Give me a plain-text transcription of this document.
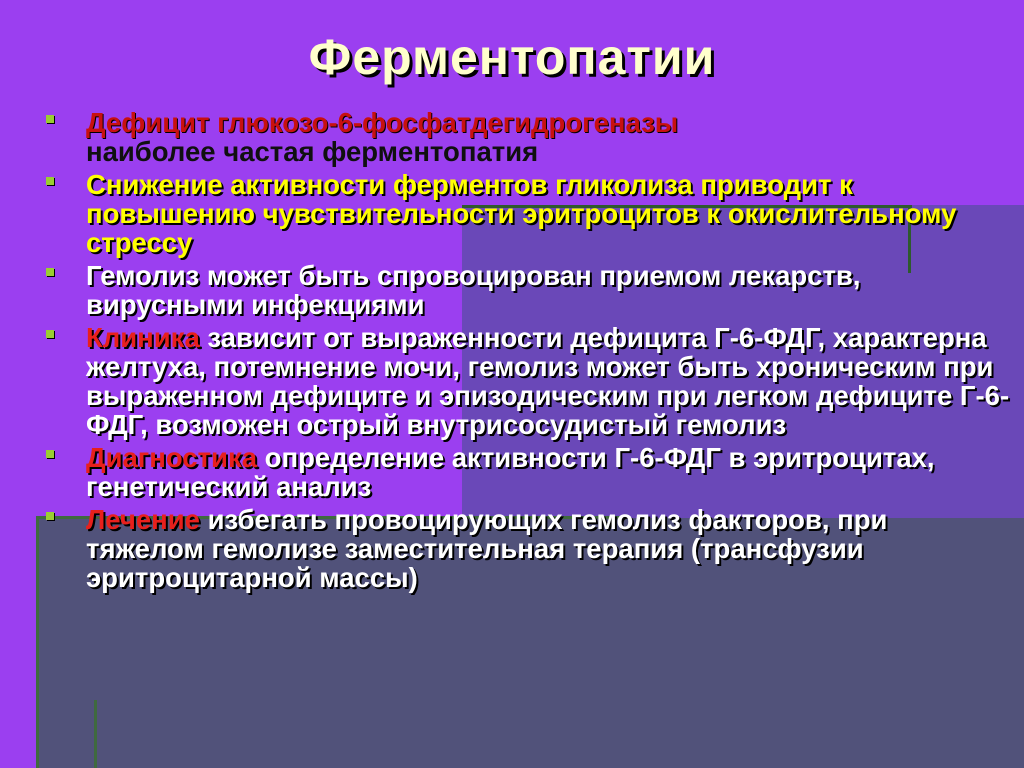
Ферментопатии
Дефицит глюкозо-6-фосфатдегидрогеназы
наиболее частая ферментопатия
Снижение активности ферментов гликолиза приводит к повышению чувствительности эритроцитов к окислительному стрессу
Гемолиз может быть спровоцирован приемом лекарств, вирусными инфекциями
Клиника зависит от выраженности дефицита Г-6-ФДГ, характерна желтуха, потемнение мочи, гемолиз может быть хроническим при выраженном дефиците и эпизодическим при легком дефиците Г-6-ФДГ, возможен острый внутрисосудистый гемолиз
Диагностика определение активности Г-6-ФДГ в эритроцитах, генетический анализ
Лечение избегать провоцирующих гемолиз факторов, при тяжелом гемолизе заместительная терапия (трансфузии эритроцитарной массы)
